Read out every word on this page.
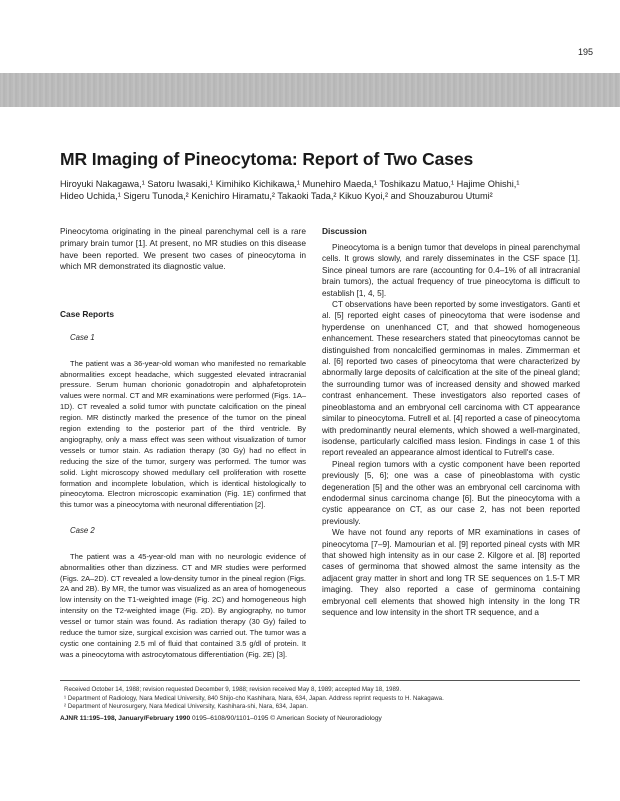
195
MR Imaging of Pineocytoma: Report of Two Cases
Hiroyuki Nakagawa,¹ Satoru Iwasaki,¹ Kimihiko Kichikawa,¹ Munehiro Maeda,¹ Toshikazu Matuo,¹ Hajime Ohishi,¹
Hideo Uchida,¹ Sigeru Tunoda,² Kenichiro Hiramatu,² Takaoki Tada,² Kikuo Kyoi,² and Shouzaburou Utumi²

Pineocytoma originating in the pineal parenchymal cell is a rare primary brain tumor [1]. At present, no MR studies on this disease have been reported. We present two cases of pineocytoma in which MR demonstrated its diagnostic value.

Case Reports

Case 1

The patient was a 36-year-old woman who manifested no remarkable abnormalities except headache, which suggested elevated intracranial pressure. Serum human chorionic gonadotropin and alphafetoprotein values were normal. CT and MR examinations were performed (Figs. 1A–1D). CT revealed a solid tumor with punctate calcification on the pineal region. MR distinctly marked the presence of the tumor on the pineal region extending to the posterior part of the third ventricle. By angiography, only a mass effect was seen without visualization of tumor vessels or tumor stain. As radiation therapy (30 Gy) had no effect in reducing the size of the tumor, surgery was performed. The tumor was solid. Light microscopy showed medullary cell proliferation with rosette formation and incomplete lobulation, which is identical histologically to pineocytoma. Electron microscopic examination (Fig. 1E) confirmed that this tumor was a pineocytoma with neuronal differentiation [2].

Case 2

The patient was a 45-year-old man with no neurologic evidence of abnormalities other than dizziness. CT and MR studies were performed (Figs. 2A–2D). CT revealed a low-density tumor in the pineal region (Figs. 2A and 2B). By MR, the tumor was visualized as an area of homogeneous low intensity on the T1-weighted image (Fig. 2C) and homogeneous high intensity on the T2-weighted image (Fig. 2D). By angiography, no tumor vessel or tumor stain was found. As radiation therapy (30 Gy) failed to reduce the tumor size, surgical excision was carried out. The tumor was a cystic one containing 2.5 ml of fluid that contained 3.5 g/dl of protein. It was a pineocytoma with astrocytomatous differentiation (Fig. 2E) [3].

Discussion

Pineocytoma is a benign tumor that develops in pineal parenchymal cells. It grows slowly, and rarely disseminates in the CSF space [1]. Since pineal tumors are rare (accounting for 0.4–1% of all intracranial brain tumors), the actual frequency of true pineocytoma is difficult to establish [1, 4, 5].

CT observations have been reported by some investigators. Ganti et al. [5] reported eight cases of pineocytoma that were isodense and hyperdense on unenhanced CT, and that showed homogeneous enhancement. These researchers stated that pineocytomas cannot be distinguished from noncalcified germinomas in males. Zimmerman et al. [6] reported two cases of pineocytoma that were characterized by abnormally large deposits of calcification at the site of the pineal gland; the surrounding tumor was of increased density and showed marked contrast enhancement. These investigators also reported cases of pineoblastoma and an embryonal cell carcinoma with CT appearance similar to pineocytoma. Futrell et al. [4] reported a case of pineocytoma with predominantly neural elements, which showed a well-marginated, isodense, particularly calcified mass lesion. Findings in case 1 of this report revealed an appearance almost identical to Futrell's case.

Pineal region tumors with a cystic component have been reported previously [5, 6]; one was a case of pineoblastoma with cystic degeneration [5] and the other was an embryonal cell carcinoma with endodermal sinus carcinoma change [6]. But the pineocytoma with a cystic appearance on CT, as our case 2, has not been reported previously.

We have not found any reports of MR examinations in cases of pineocytoma [7–9]. Mamourian et al. [9] reported pineal cysts with MR that showed high intensity as in our case 2. Kilgore et al. [8] reported cases of germinoma that showed almost the same intensity as the adjacent gray matter in short and long TR SE sequences on 1.5-T MR imaging. They also reported a case of germinoma containing embryonal cell elements that showed high intensity in the long TR sequence and low intensity in the short TR sequence, and a

Received October 14, 1988; revision requested December 9, 1988; revision received May 8, 1989; accepted May 18, 1989.

¹ Department of Radiology, Nara Medical University, 840 Shijo-cho Kashihara, Nara, 634, Japan. Address reprint requests to H. Nakagawa.

² Department of Neurosurgery, Nara Medical University, Kashihara-shi, Nara, 634, Japan.

AJNR 11:195–198, January/February 1990 0195–6108/90/1101–0195 © American Society of Neuroradiology
